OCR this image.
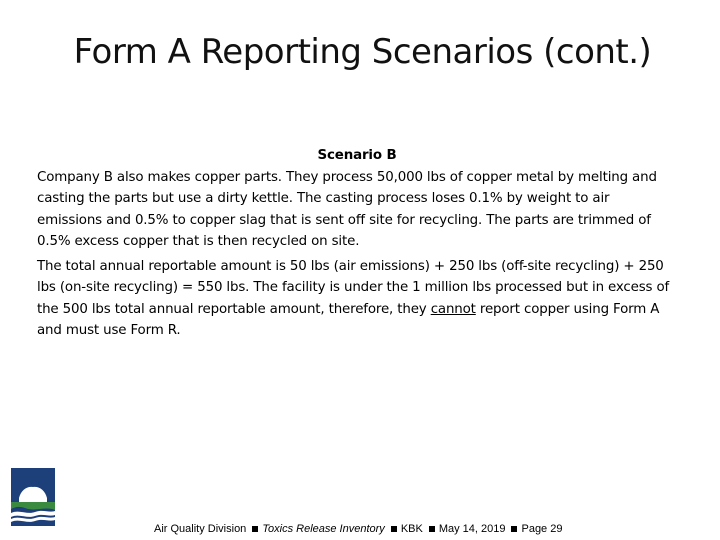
Form A Reporting Scenarios (cont.)
Scenario B

Company B also makes copper parts. They process 50,000 lbs of copper metal by melting and casting the parts but use a dirty kettle. The casting process loses 0.1% by weight to air emissions and 0.5% to copper slag that is sent off site for recycling. The parts are trimmed of 0.5% excess copper that is then recycled on site.

The total annual reportable amount is 50 lbs (air emissions) + 250 lbs (off-site recycling) + 250 lbs (on-site recycling) = 550 lbs. The facility is under the 1 million lbs processed but in excess of the 500 lbs total annual reportable amount, therefore, they cannot report copper using Form A and must use Form R.

Air Quality Division Toxics Release Inventory KBK May 14, 2019 Page 29
